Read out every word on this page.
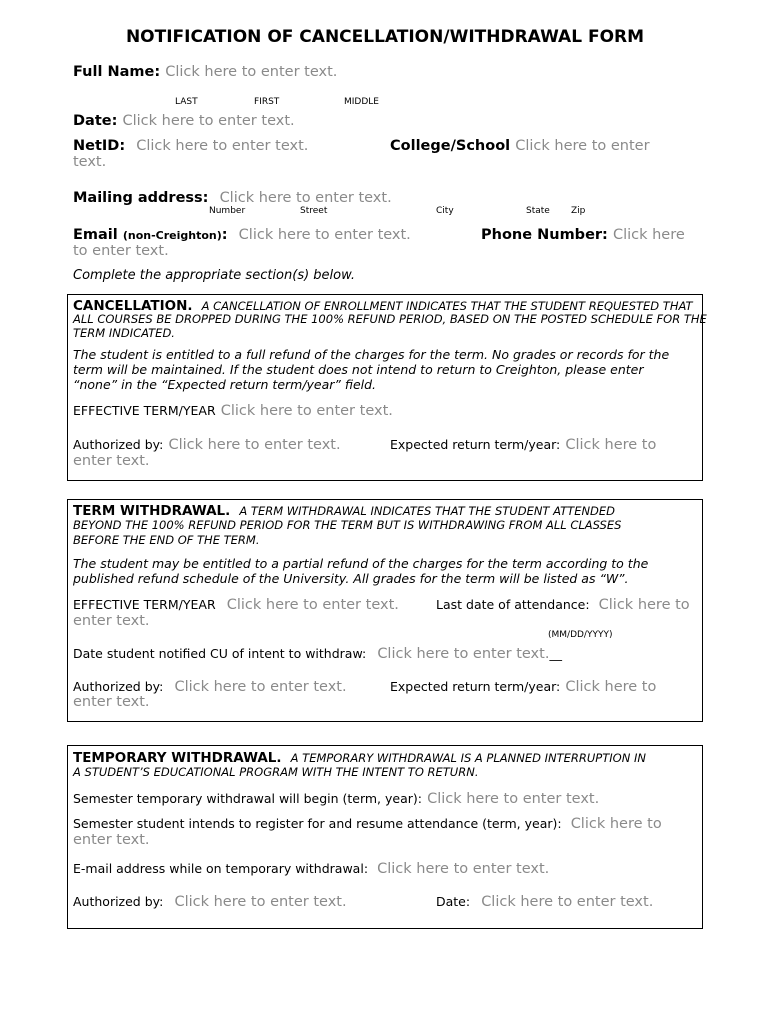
NOTIFICATION OF CANCELLATION/WITHDRAWAL FORM
Full Name: Click here to enter text.
LAST	FIRST	MIDDLE
Date: Click here to enter text.
NetID: Click here to enter text.	College/School Click here to enter
text.
Mailing address: Click here to enter text.
Number	Street	City	State Zip
Email (non-Creighton): Click here to enter text.	Phone Number: Click here
to enter text.
Complete the appropriate section(s) below.
CANCELLATION. A CANCELLATION OF ENROLLMENT INDICATES THAT THE STUDENT REQUESTED THAT
ALL COURSES BE DROPPED DURING THE 100% REFUND PERIOD, BASED ON THE POSTED SCHEDULE FOR THE
TERM INDICATED.
The student is entitled to a full refund of the charges for the term. No grades or records for the
term will be maintained. If the student does not intend to return to Creighton, please enter
“none” in the “Expected return term/year” field.
EFFECTIVE TERM/YEAR Click here to enter text.
Authorized by: Click here to enter text.	Expected return term/year: Click here to
enter text.
TERM WITHDRAWAL. A TERM WITHDRAWAL INDICATES THAT THE STUDENT ATTENDED
BEYOND THE 100% REFUND PERIOD FOR THE TERM BUT IS WITHDRAWING FROM ALL CLASSES
BEFORE THE END OF THE TERM.
The student may be entitled to a partial refund of the charges for the term according to the
published refund schedule of the University. All grades for the term will be listed as “W”.
EFFECTIVE TERM/YEAR Click here to enter text.	Last date of attendance: Click here to
enter text.
(MM/DD/YYYY)
Date student notified CU of intent to withdraw: Click here to enter text.__
Authorized by: Click here to enter text.	Expected return term/year: Click here to
enter text.
TEMPORARY WITHDRAWAL. A TEMPORARY WITHDRAWAL IS A PLANNED INTERRUPTION IN
A STUDENT’S EDUCATIONAL PROGRAM WITH THE INTENT TO RETURN.
Semester temporary withdrawal will begin (term, year): Click here to enter text.
Semester student intends to register for and resume attendance (term, year): Click here to
enter text.
E-mail address while on temporary withdrawal: Click here to enter text.
Authorized by: Click here to enter text.	Date: Click here to enter text.
